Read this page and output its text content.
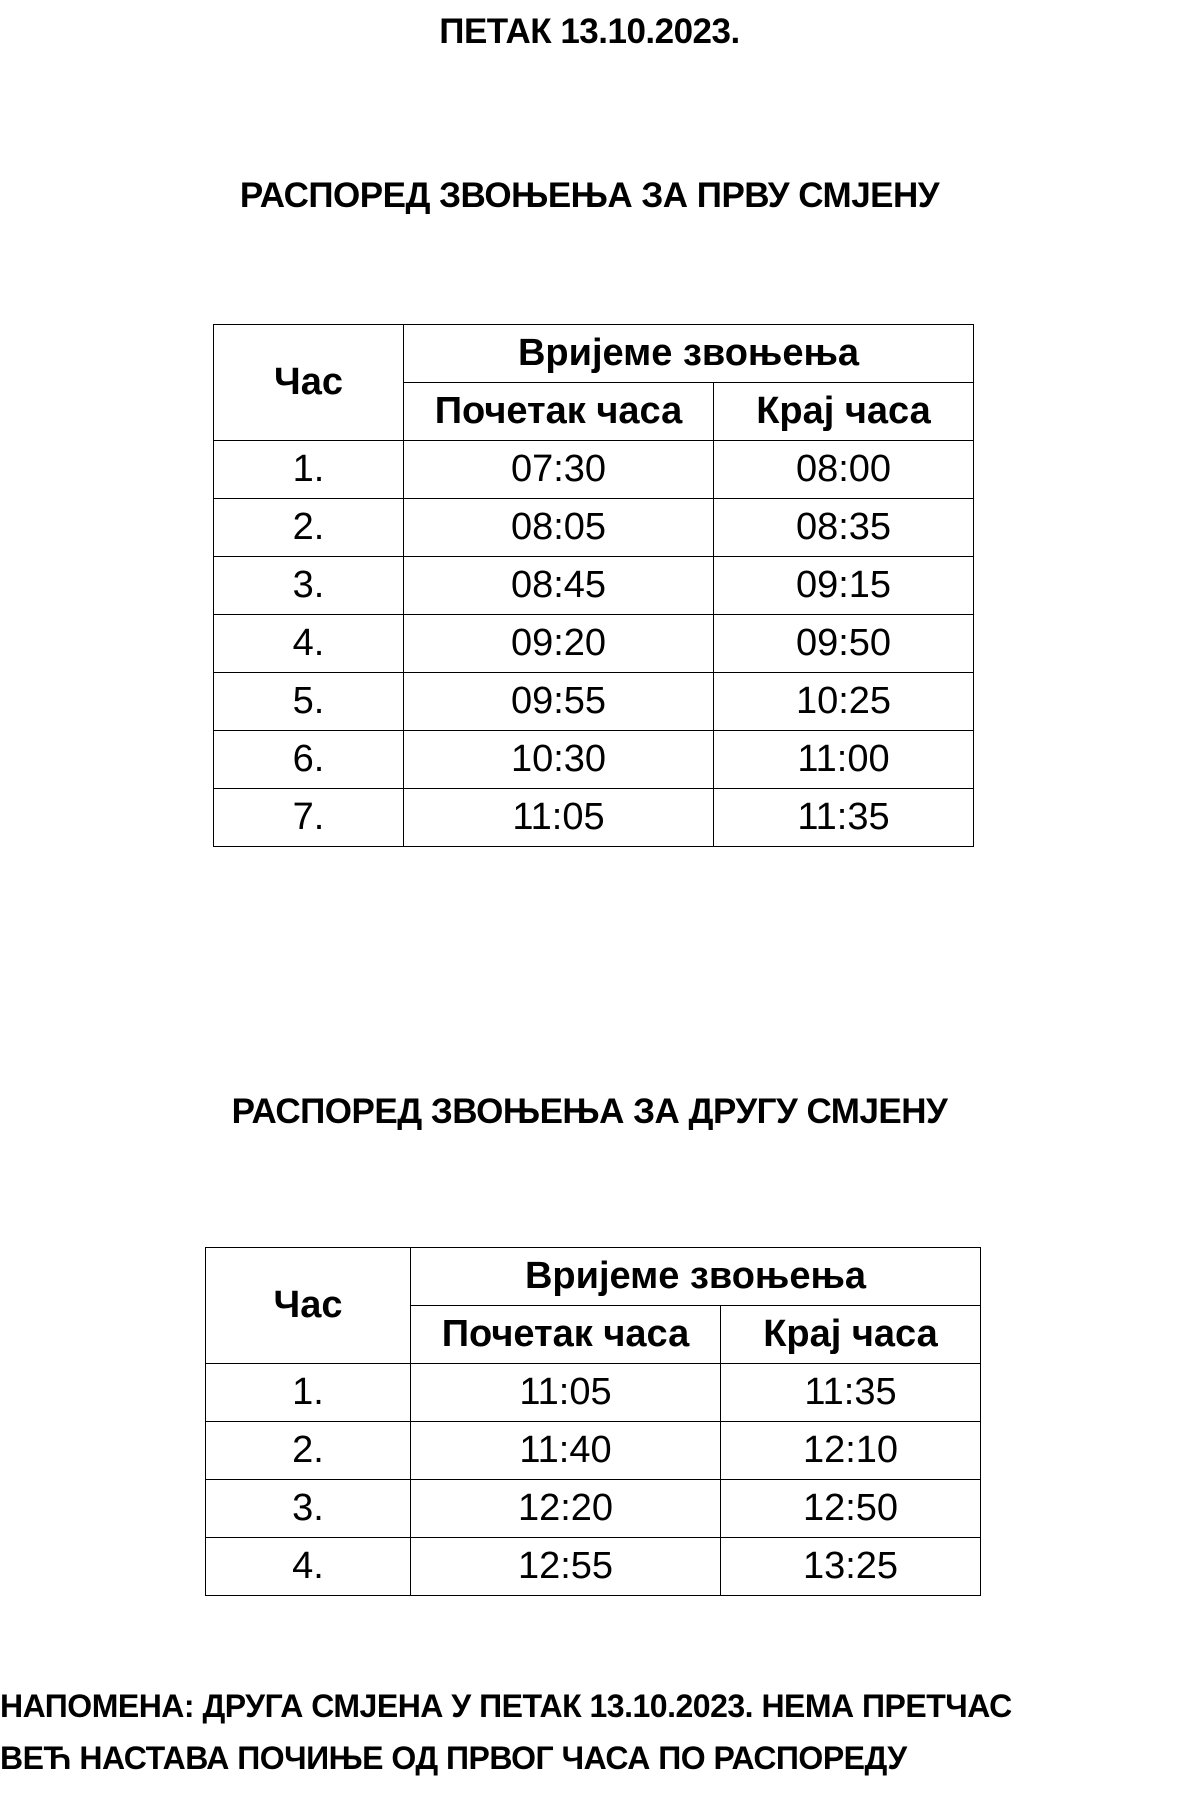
ПЕТАК 13.10.2023.
РАСПОРЕД ЗВОЊЕЊА ЗА ПРВУ СМЈЕНУ
Час	Вријеме звоњења	
	Почетак часа	Крај часа
1.	07:30	08:00
2.	08:05	08:35
3.	08:45	09:15
4.	09:20	09:50
5.	09:55	10:25
6.	10:30	11:00
7.	11:05	11:35
РАСПОРЕД ЗВОЊЕЊА ЗА ДРУГУ СМЈЕНУ
Час	Вријеме звоњења	
	Почетак часа	Крај часа
1.	11:05	11:35
2.	11:40	12:10
3.	12:20	12:50
4.	12:55	13:25
НАПОМЕНА: ДРУГА СМЈЕНА У ПЕТАК 13.10.2023. НЕМА ПРЕТЧАС
ВЕЋ НАСТАВА ПОЧИЊЕ ОД ПРВОГ ЧАСА ПО РАСПОРЕДУ
